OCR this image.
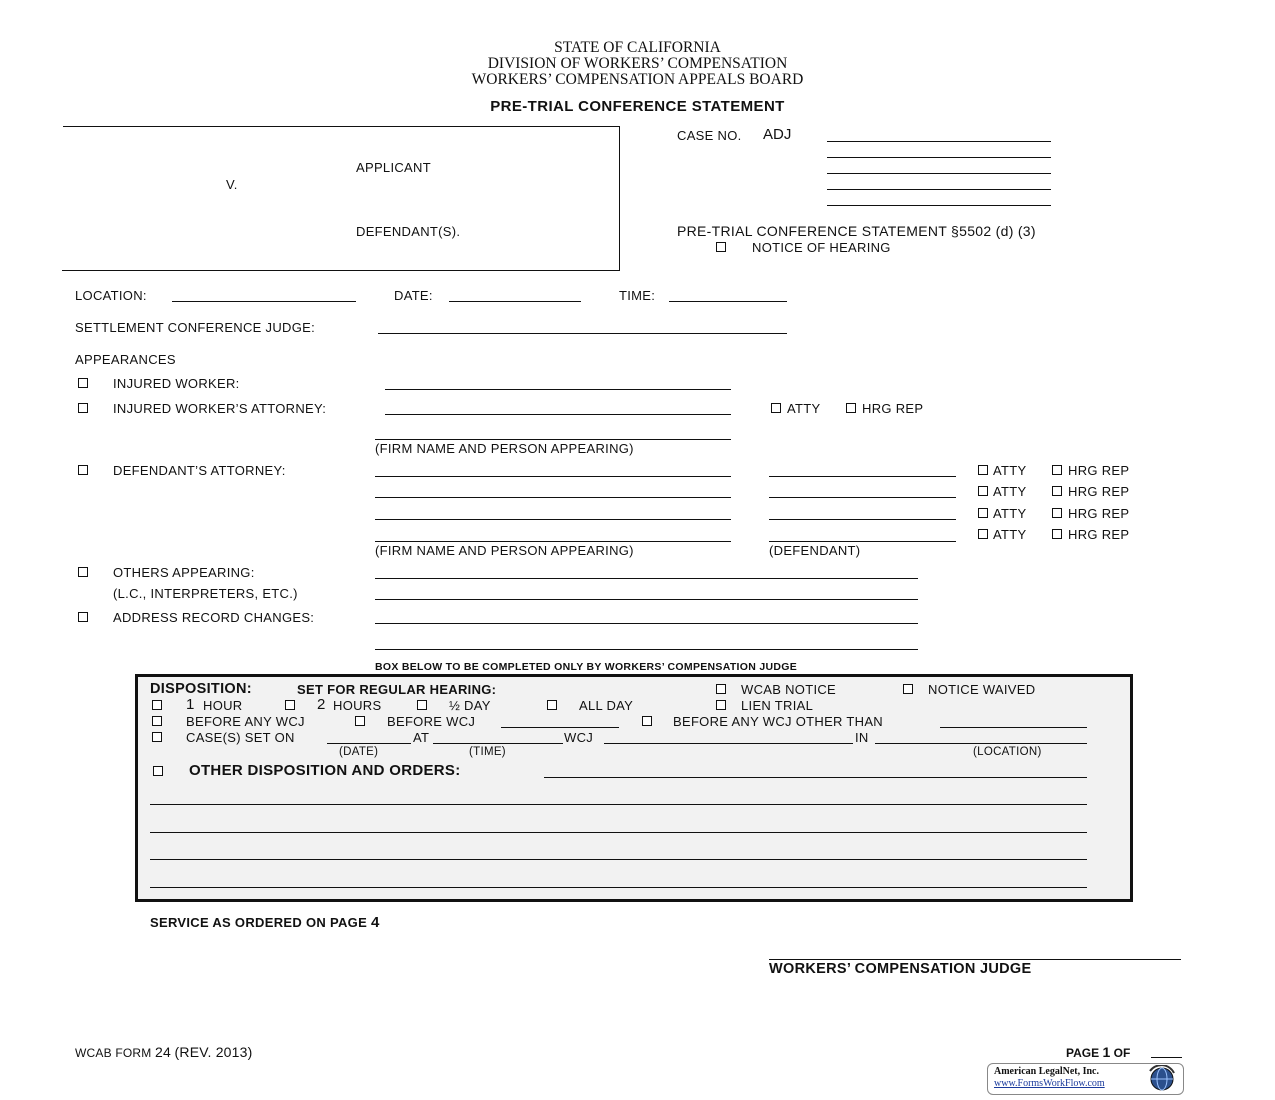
STATE OF CALIFORNIA
DIVISION OF WORKERS’ COMPENSATION
WORKERS’ COMPENSATION APPEALS BOARD
PRE-TRIAL CONFERENCE STATEMENT
APPLICANT
V.
DEFENDANT(S).
CASE NO. ADJ
PRE-TRIAL CONFERENCE STATEMENT §5502 (d) (3)
NOTICE OF HEARING
LOCATION:	DATE:	TIME:
SETTLEMENT CONFERENCE JUDGE:
APPEARANCES
INJURED WORKER:
INJURED WORKER’S ATTORNEY:	ATTY	HRG REP
(FIRM NAME AND PERSON APPEARING)
DEFENDANT’S ATTORNEY:	ATTY	HRG REP
ATTY	HRG REP
ATTY	HRG REP
ATTY	HRG REP
(FIRM NAME AND PERSON APPEARING)	(DEFENDANT)
OTHERS APPEARING:
(L.C., INTERPRETERS, ETC.)
ADDRESS RECORD CHANGES:
BOX BELOW TO BE COMPLETED ONLY BY WORKERS’ COMPENSATION JUDGE
DISPOSITION:	SET FOR REGULAR HEARING:	WCAB NOTICE	NOTICE WAIVED
1 HOUR	2 HOURS	½ DAY	ALL DAY	LIEN TRIAL
BEFORE ANY WCJ	BEFORE WCJ	BEFORE ANY WCJ OTHER THAN
CASE(S) SET ON	AT	WCJ	IN
(DATE)	(TIME)	(LOCATION)
OTHER DISPOSITION AND ORDERS:
SERVICE AS ORDERED ON PAGE 4
WORKERS’ COMPENSATION JUDGE
WCAB FORM 24 (REV. 2013)	PAGE 1 OF
American LegalNet, Inc.
www.FormsWorkFlow.com
